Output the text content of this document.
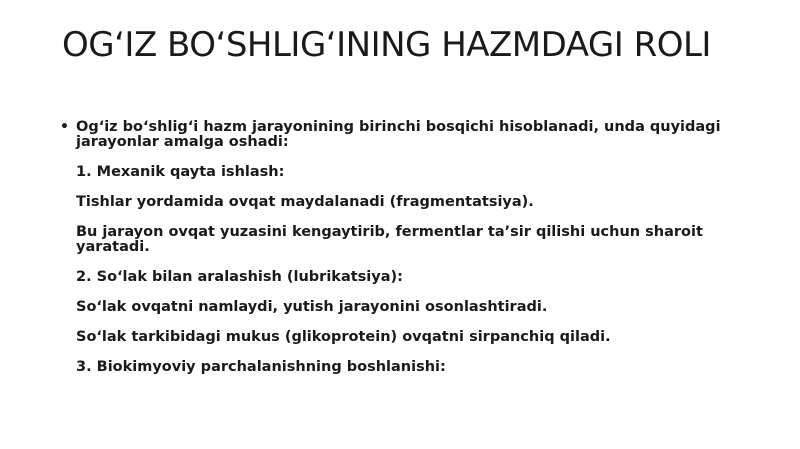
OG‘IZ BO‘SHLIG‘INING HAZMDAGI ROLI
• Og‘iz bo‘shlig‘i hazm jarayonining birinchi bosqichi hisoblanadi, unda quyidagi jarayonlar amalga oshadi:

1. Mexanik qayta ishlash:

Tishlar yordamida ovqat maydalanadi (fragmentatsiya).

Bu jarayon ovqat yuzasini kengaytirib, fermentlar ta’sir qilishi uchun sharoit yaratadi.

2. So‘lak bilan aralashish (lubrikatsiya):

So‘lak ovqatni namlaydi, yutish jarayonini osonlashtiradi.

So‘lak tarkibidagi mukus (glikoprotein) ovqatni sirpanchiq qiladi.

3. Biokimyoviy parchalanishning boshlanishi:
